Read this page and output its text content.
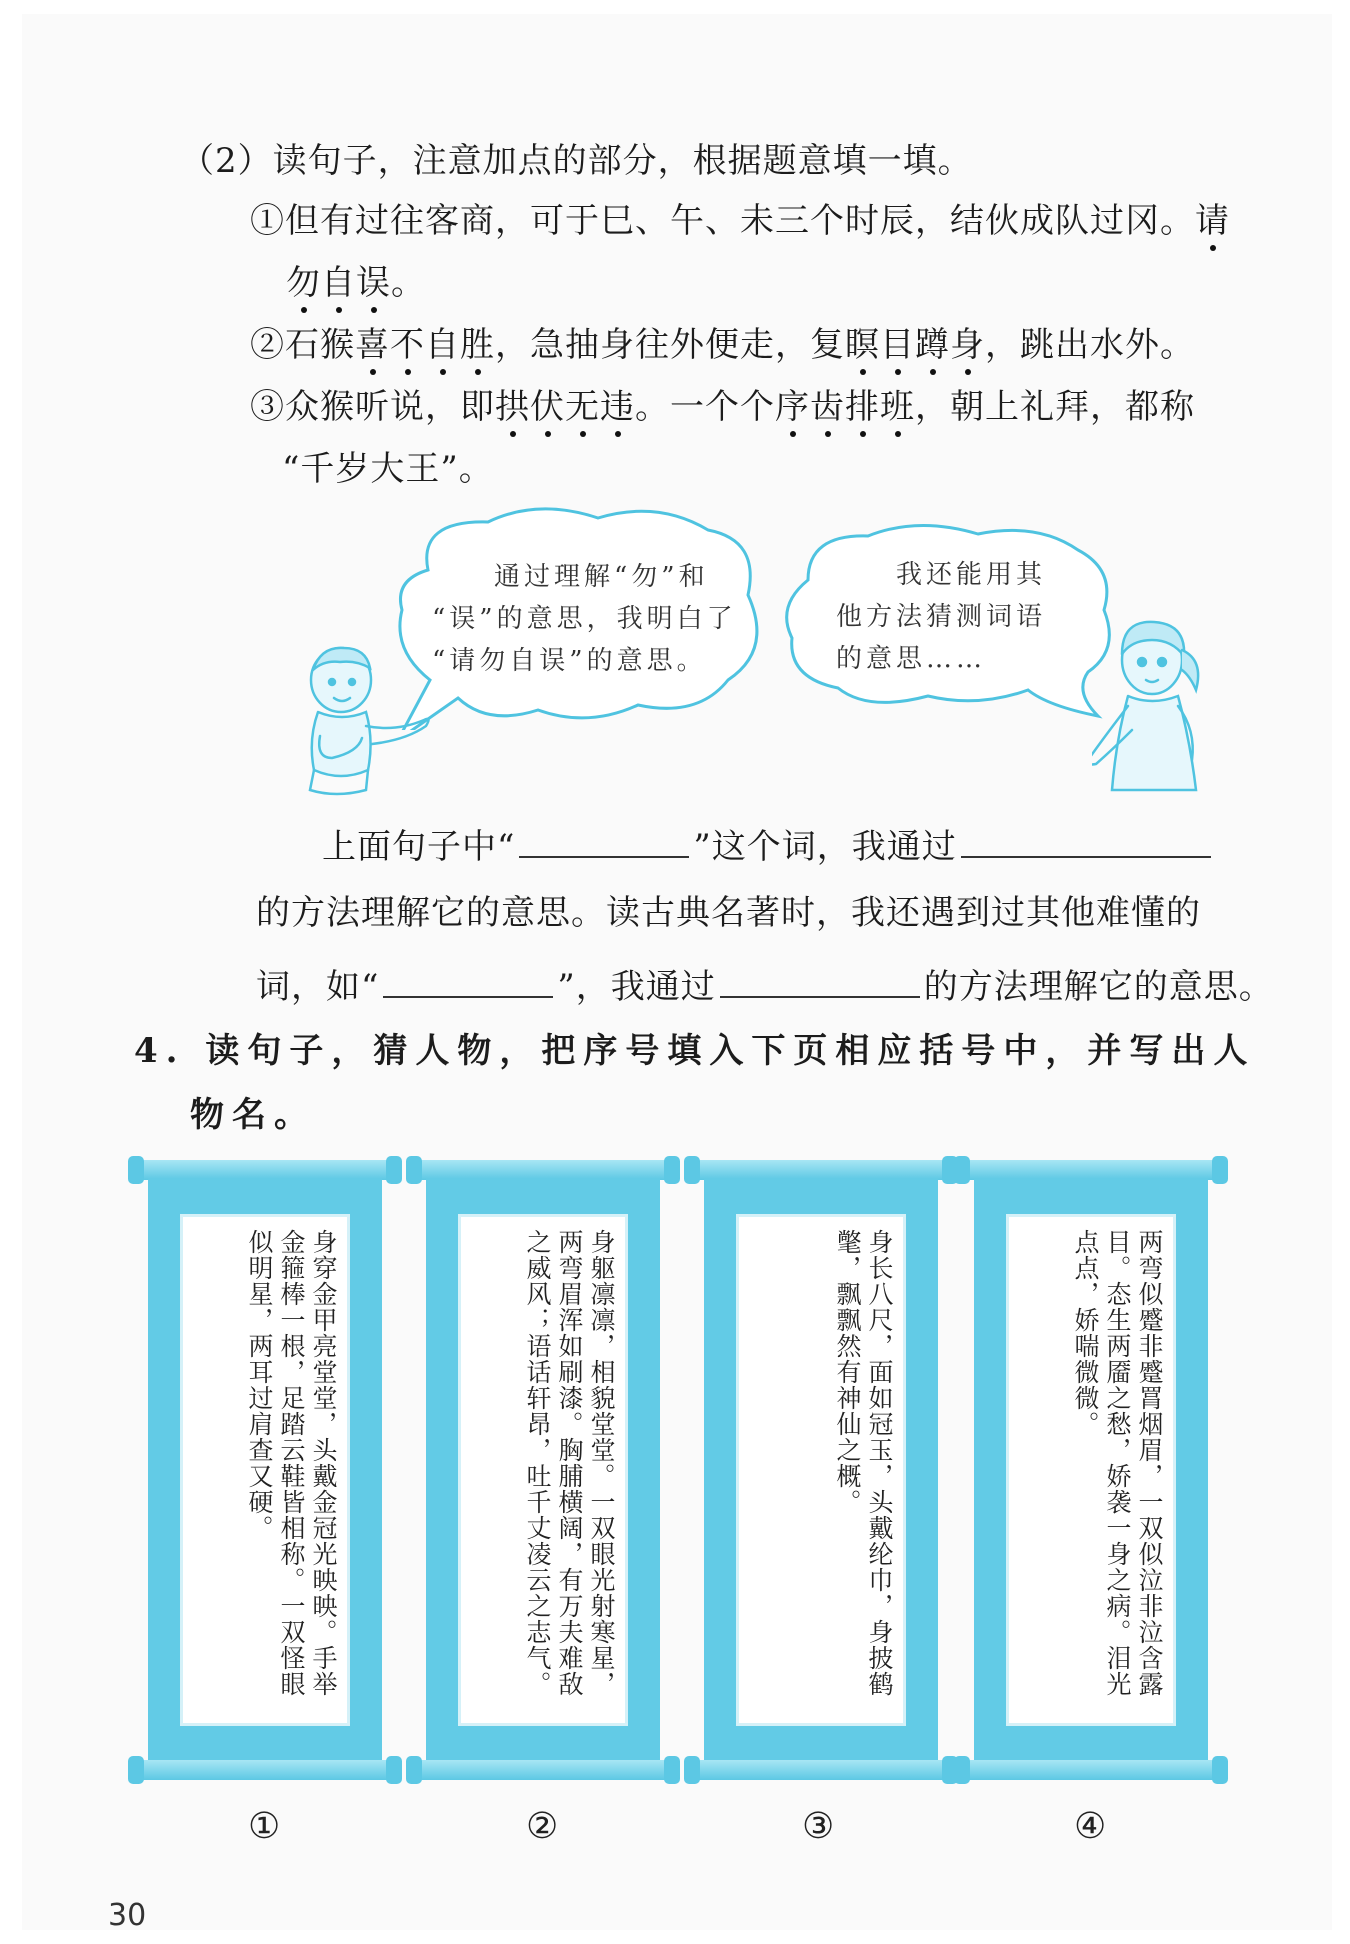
（2）读句子，注意加点的部分，根据题意填一填。
①但有过往客商，可于巳、午、未三个时辰，结伙成队过冈。请
勿自误。
②石猴喜不自胜，急抽身往外便走，复瞑目蹲身，跳出水外。
③众猴听说，即拱伏无违。一个个序齿排班，朝上礼拜，都称
“千岁大王”。
通过理解“勿”和
“误”的意思，我明白了
“请勿自误”的意思。
我还能用其
他方法猜测词语
的意思……
上面句子中“	”这个词，我通过
的方法理解它的意思。读古典名著时，我还遇到过其他难懂的
词，如“	”，我通过	的方法理解它的意思。
4. 读句子，猜人物，把序号填入下页相应括号中，并写出人
物名。
身穿金甲亮堂堂，头戴金冠光映映。手举金箍棒一根，足踏云鞋皆相称。一双怪眼似明星，两耳过肩查又硬。	身躯凛凛，相貌堂堂。一双眼光射寒星，两弯眉浑如刷漆。胸脯横阔，有万夫难敌之威风；语话轩昂，吐千丈凌云之志气。	身长八尺，面如冠玉，头戴纶巾，身披鹤氅，飘飘然有神仙之概。	两弯似蹙非蹙罥烟眉，一双似泣非泣含露目。态生两靥之愁，娇袭一身之病。泪光点点，娇喘微微。
①	②	③	④
30
